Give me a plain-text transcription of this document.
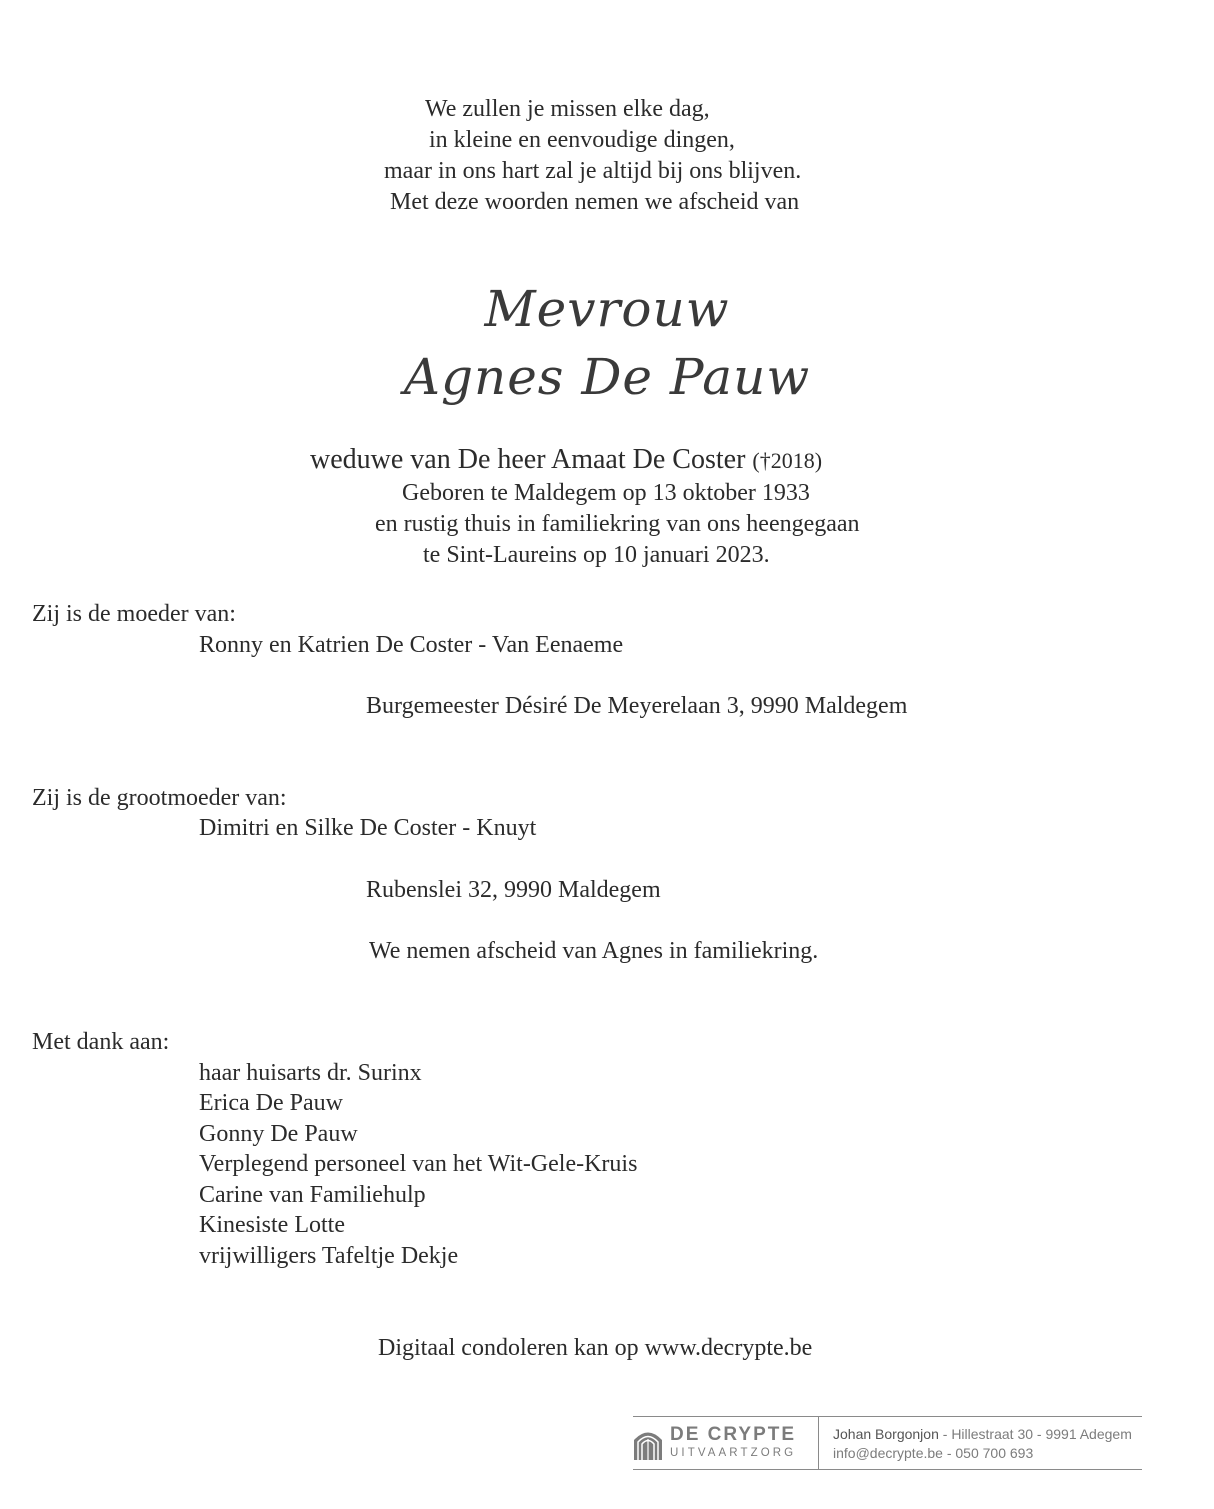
We zullen je missen elke dag,
in kleine en eenvoudige dingen,
maar in ons hart zal je altijd bij ons blijven.
Met deze woorden nemen we afscheid van
Mevrouw
Agnes De Pauw
weduwe van De heer Amaat De Coster (†2018)
Geboren te Maldegem op 13 oktober 1933
en rustig thuis in familiekring van ons heengegaan
te Sint-Laureins op 10 januari 2023.
Zij is de moeder van:
Ronny en Katrien De Coster - Van Eenaeme
Burgemeester Désiré De Meyerelaan 3, 9990 Maldegem
Zij is de grootmoeder van:
Dimitri en Silke De Coster - Knuyt
Rubenslei 32, 9990 Maldegem
We nemen afscheid van Agnes in familiekring.
Met dank aan:
haar huisarts dr. Surinx
Erica De Pauw
Gonny De Pauw
Verplegend personeel van het Wit-Gele-Kruis
Carine van Familiehulp
Kinesiste Lotte
vrijwilligers Tafeltje Dekje
Digitaal condoleren kan op www.decrypte.be
DE CRYPTE
UITVAARTZORG
Johan Borgonjon - Hillestraat 30 - 9991 Adegem
info@decrypte.be - 050 700 693
